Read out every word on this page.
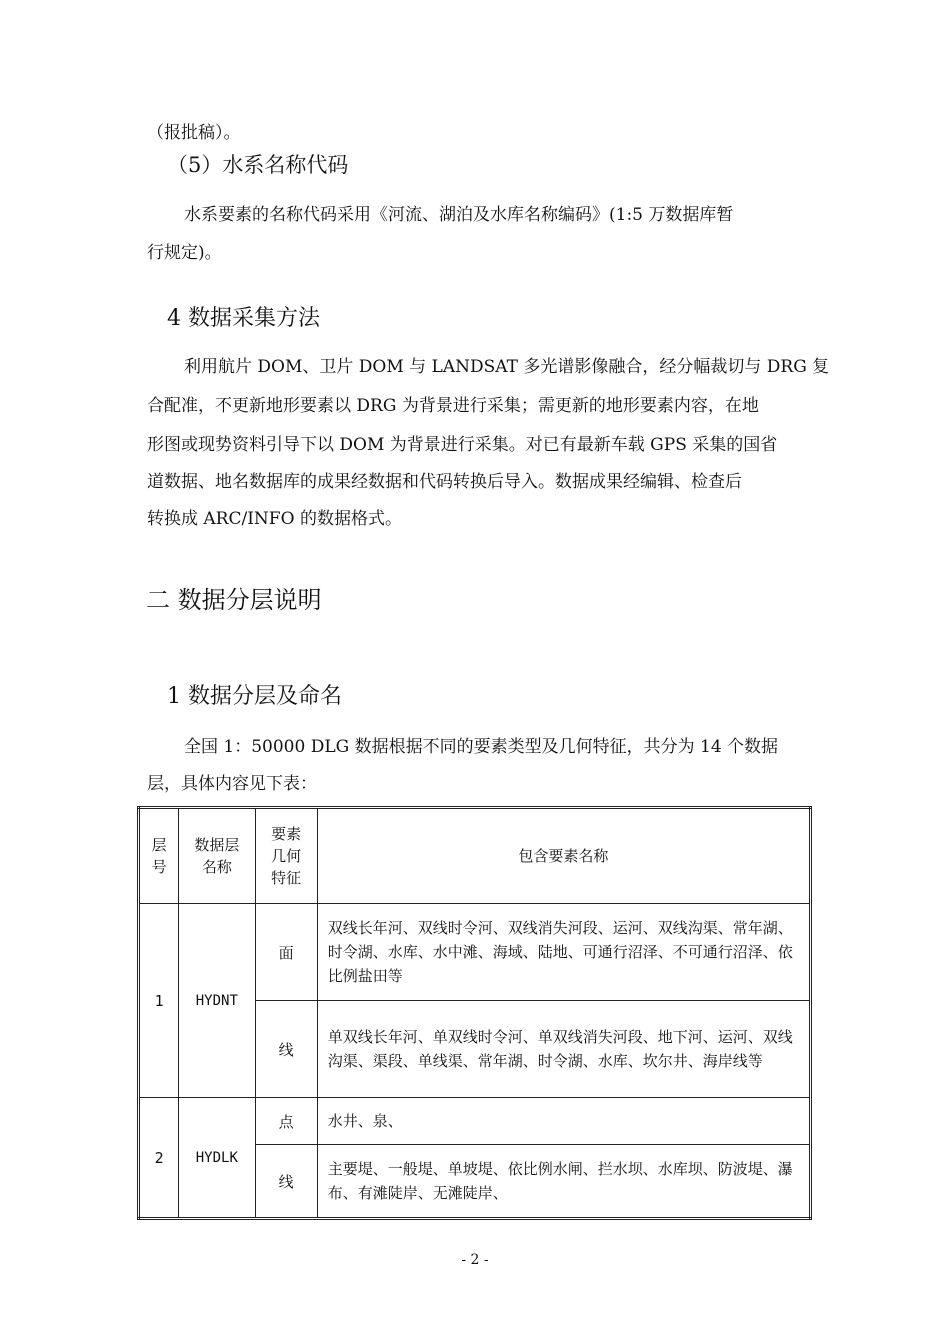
（报批稿）。
（5）水系名称代码
水系要素的名称代码采用《河流、湖泊及水库名称编码》(1:5 万数据库暂
行规定)。
4 数据采集方法
利用航片 DOM、卫片 DOM 与 LANDSAT 多光谱影像融合，经分幅裁切与 DRG 复
合配准，不更新地形要素以 DRG 为背景进行采集；需更新的地形要素内容，在地
形图或现势资料引导下以 DOM 为背景进行采集。对已有最新车载 GPS 采集的国省
道数据、地名数据库的成果经数据和代码转换后导入。数据成果经编辑、检查后
转换成 ARC/INFO 的数据格式。
二 数据分层说明
1 数据分层及命名
全国 1：50000 DLG 数据根据不同的要素类型及几何特征，共分为 14 个数据
层，具体内容见下表：
层号	数据层名称	要素几何特征	包含要素名称
1	HYDNT	面	双线长年河、双线时令河、双线消失河段、运河、双线沟渠、常年湖、时令湖、水库、水中滩、海域、陆地、可通行沼泽、不可通行沼泽、依比例盐田等
		线	单双线长年河、单双线时令河、单双线消失河段、地下河、运河、双线沟渠、渠段、单线渠、常年湖、时令湖、水库、坎尔井、海岸线等
2	HYDLK	点	水井、泉、
		线	主要堤、一般堤、单坡堤、依比例水闸、拦水坝、水库坝、防波堤、瀑布、有滩陡岸、无滩陡岸、
- 2 -
